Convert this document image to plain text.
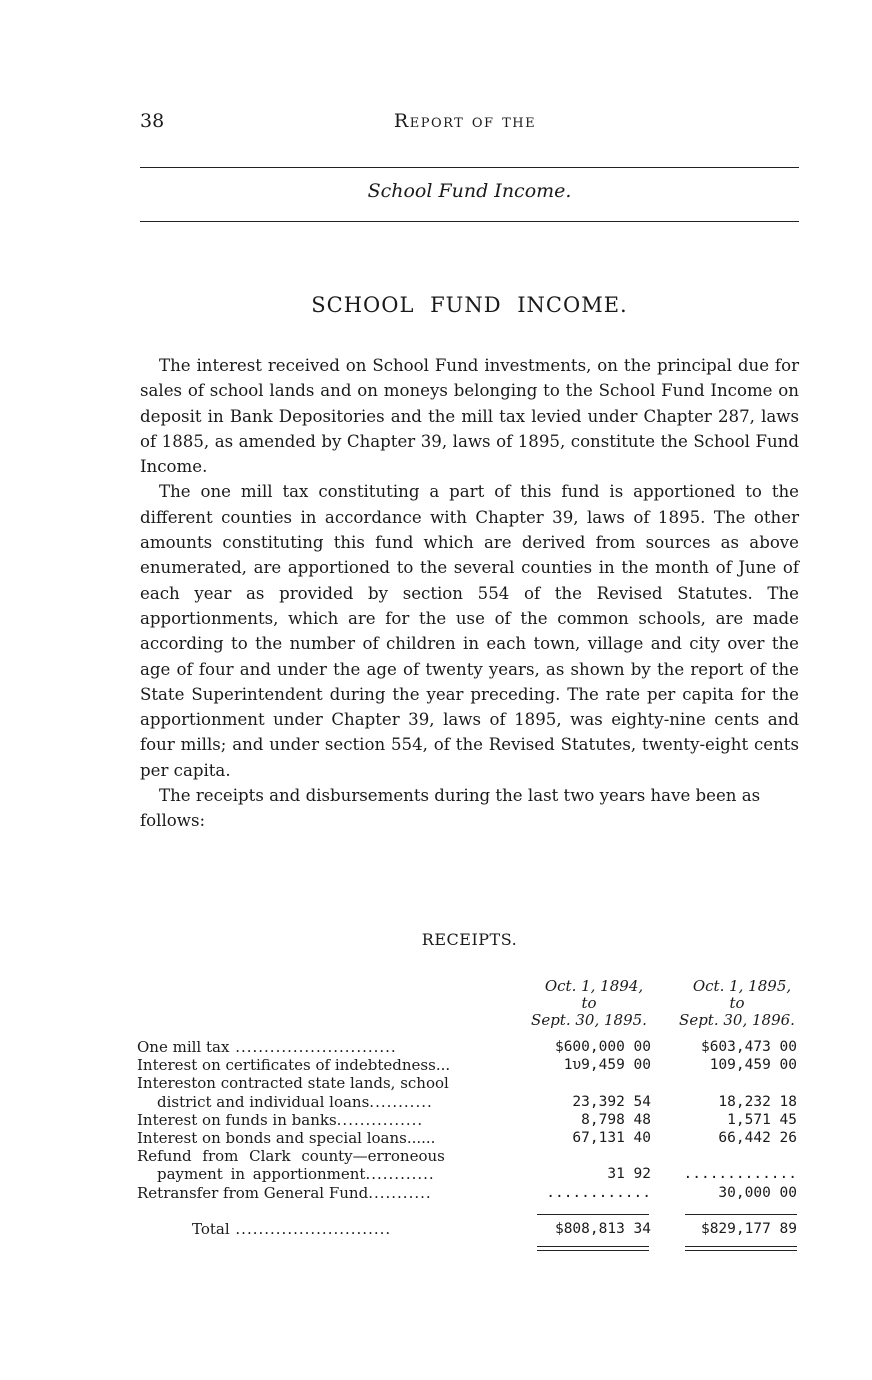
38	Report of the
School Fund Income.
SCHOOL FUND INCOME.

The interest received on School Fund investments, on the principal due for sales of school lands and on moneys belonging to the School Fund Income on deposit in Bank Depositories and the mill tax levied under Chapter 287, laws of 1885, as amended by Chapter 39, laws of 1895, constitute the School Fund Income.

The one mill tax constituting a part of this fund is apportioned to the different counties in accordance with Chapter 39, laws of 1895. The other amounts constituting this fund which are derived from sources as above enumerated, are apportioned to the several counties in the month of June of each year as provided by section 554 of the Revised Statutes. The apportionments, which are for the use of the common schools, are made according to the number of children in each town, village and city over the age of four and under the age of twenty years, as shown by the report of the State Superintendent during the year preceding. The rate per capita for the apportionment under Chapter 39, laws of 1895, was eighty-nine cents and four mills; and under section 554, of the Revised Statutes, twenty-eight cents per capita.

The receipts and disbursements during the last two years have been as follows:

RECEIPTS.
Oct. 1, 1894,
to
Sept. 30, 1895.
Oct. 1, 1895,
to
Sept. 30, 1896.
One mill tax ............................	$600,000 00	$603,473 00
Interest on certificates of indebtedness...	1υ9,459 00	109,459 00
Intereston contracted state lands, school
district and individual loans...........	23,392 54	18,232 18
Interest on funds in banks...............	8,798 48	1,571 45
Interest on bonds and special loans......	67,131 40	66,442 26
Refund from Clark county—erroneous
payment in apportionment............	31 92 .............
Retransfer from General Fund...........	............	30,000 00
Total ...........................	$808,813 34	$829,177 89
